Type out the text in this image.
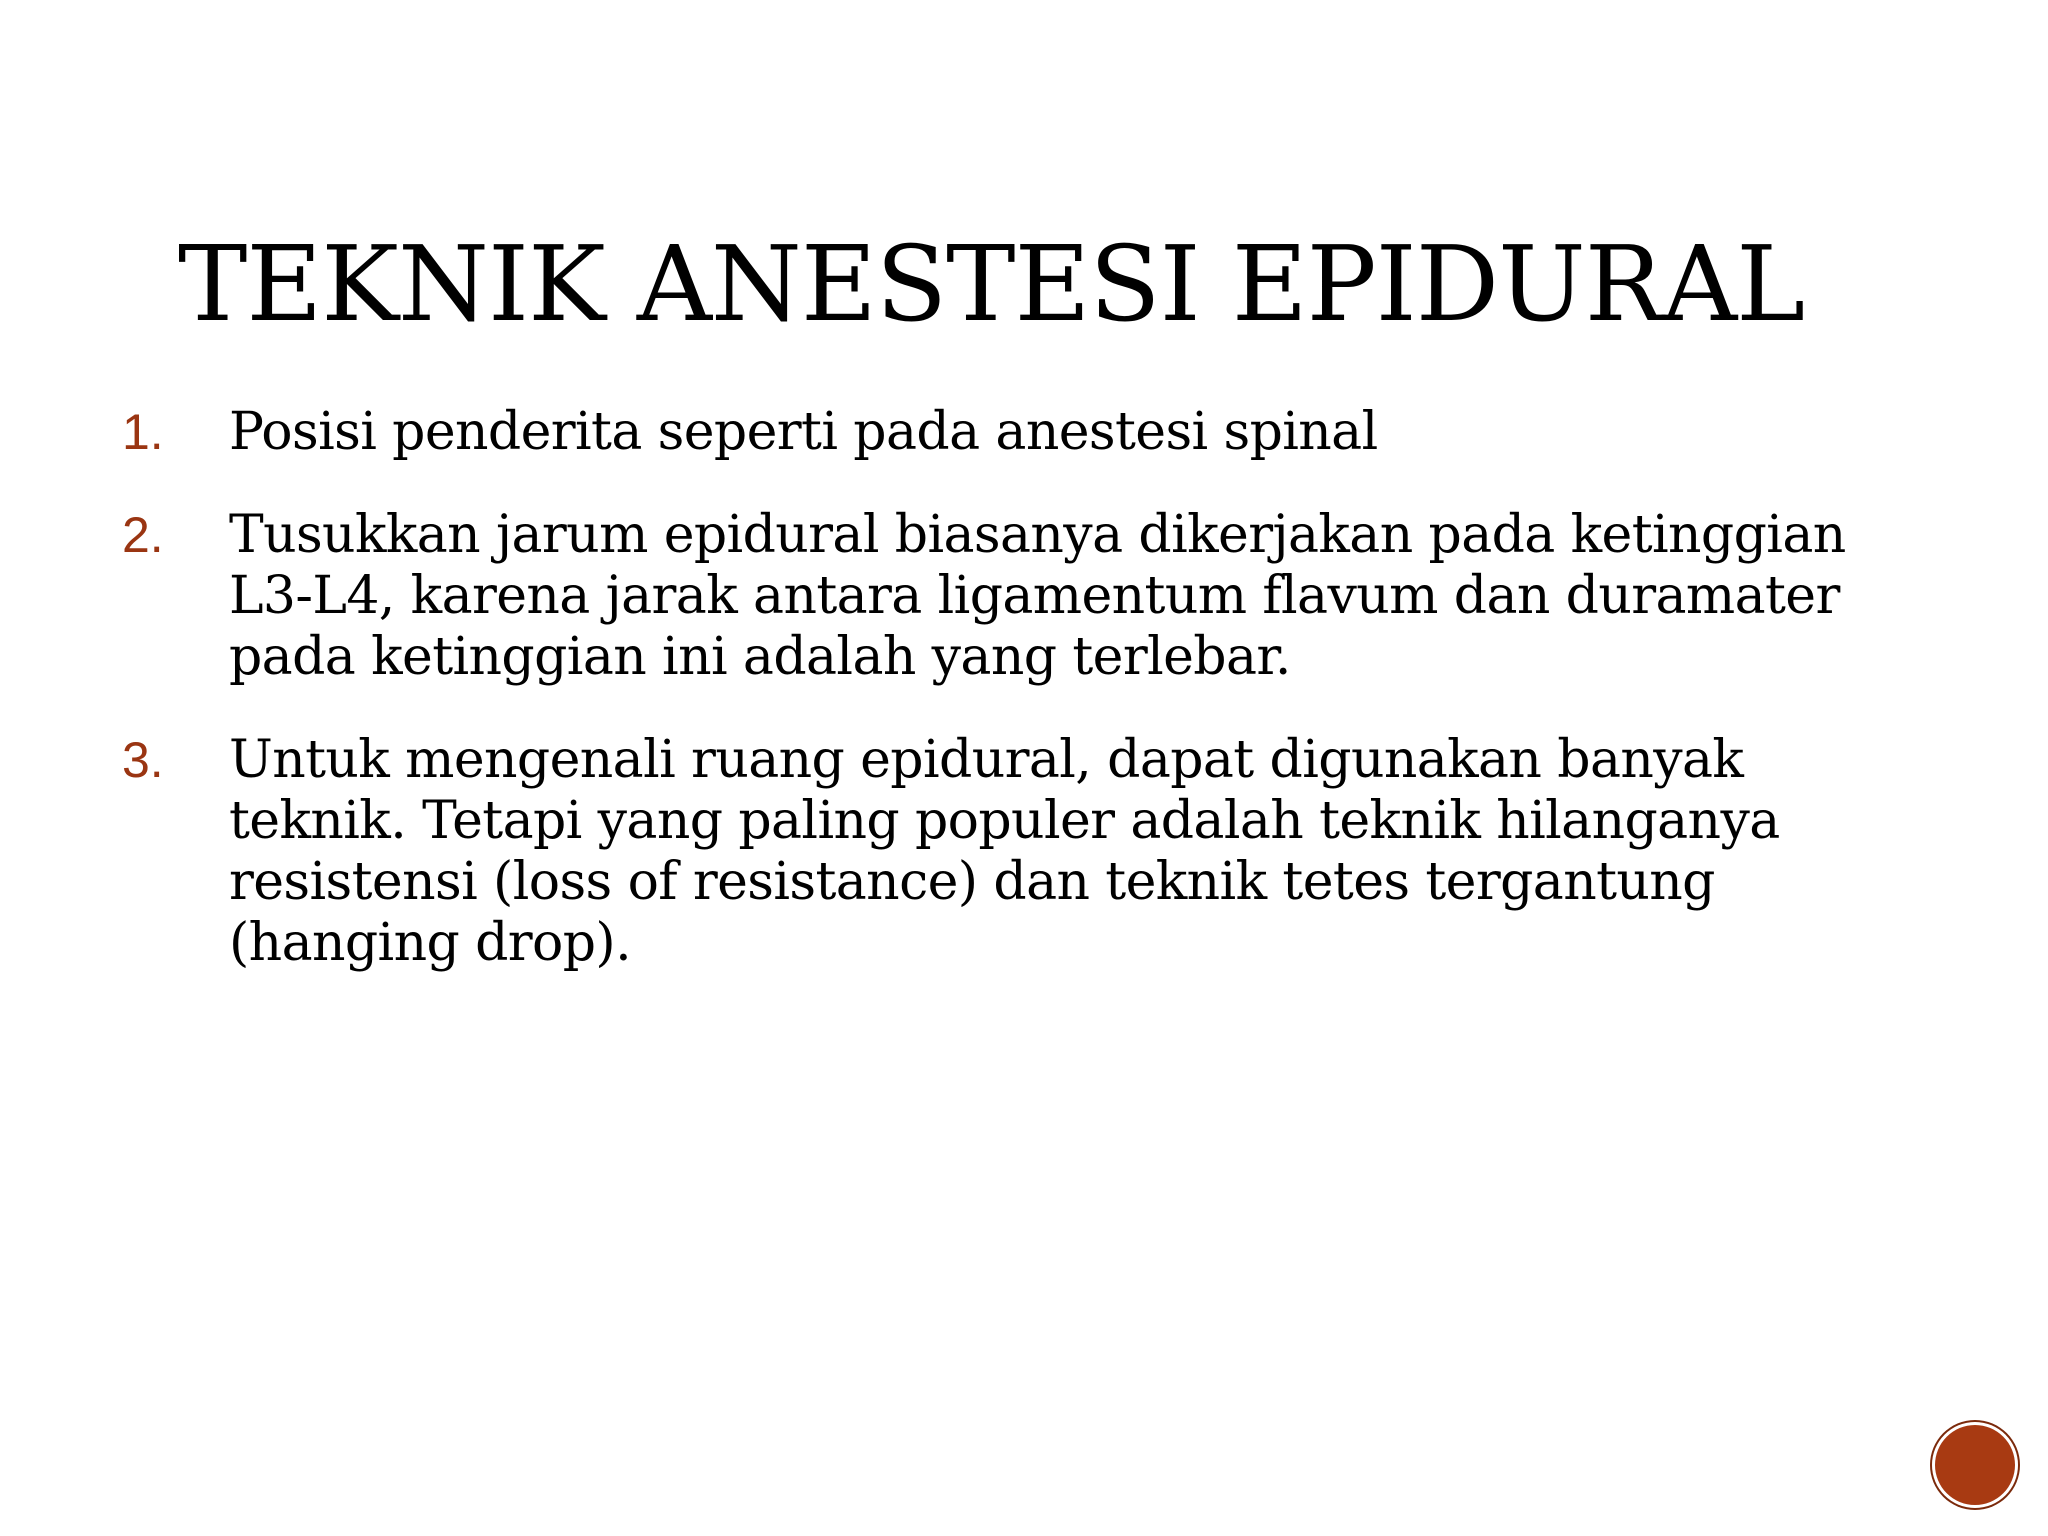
TEKNIK ANESTESI EPIDURAL
1.	Posisi penderita seperti pada anestesi spinal
2.	Tusukkan jarum epidural biasanya dikerjakan pada ketinggian L3-L4, karena jarak antara ligamentum flavum dan duramater pada ketinggian ini adalah yang terlebar.
3.	Untuk mengenali ruang epidural, dapat digunakan banyak teknik. Tetapi yang paling populer adalah teknik hilanganya resistensi (loss of resistance) dan teknik tetes tergantung (hanging drop).
